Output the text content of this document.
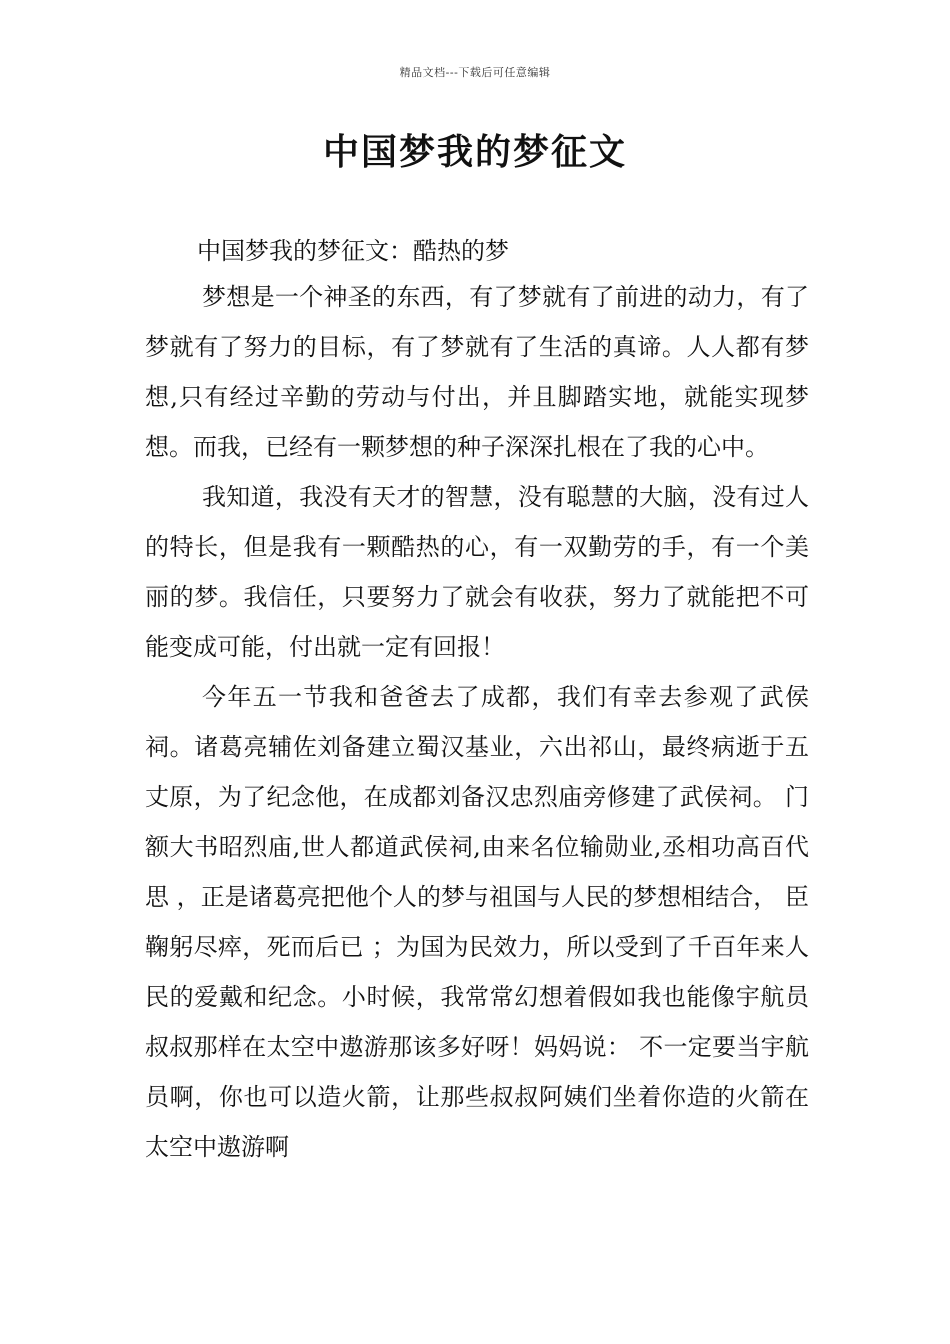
精品文档---下载后可任意编辑
中国梦我的梦征文
中国梦我的梦征文：酷热的梦

梦想是一个神圣的东西，有了梦就有了前进的动力，有了梦就有了努力的目标，有了梦就有了生活的真谛。人人都有梦想,只有经过辛勤的劳动与付出，并且脚踏实地，就能实现梦想。而我，已经有一颗梦想的种子深深扎根在了我的心中。

我知道，我没有天才的智慧，没有聪慧的大脑，没有过人的特长，但是我有一颗酷热的心，有一双勤劳的手，有一个美丽的梦。我信任，只要努力了就会有收获，努力了就能把不可能变成可能，付出就一定有回报！

今年五一节我和爸爸去了成都，我们有幸去参观了武侯祠。诸葛亮辅佐刘备建立蜀汉基业，六出祁山，最终病逝于五丈原，为了纪念他，在成都刘备汉忠烈庙旁修建了武侯祠。 门额大书昭烈庙,世人都道武侯祠,由来名位输勋业,丞相功高百代思 ，正是诸葛亮把他个人的梦与祖国与人民的梦想相结合， 臣鞠躬尽瘁，死而后已 ；为国为民效力，所以受到了千百年来人民的爱戴和纪念。小时候，我常常幻想着假如我也能像宇航员叔叔那样在太空中遨游那该多好呀！妈妈说： 不一定要当宇航员啊，你也可以造火箭，让那些叔叔阿姨们坐着你造的火箭在太空中遨游啊
